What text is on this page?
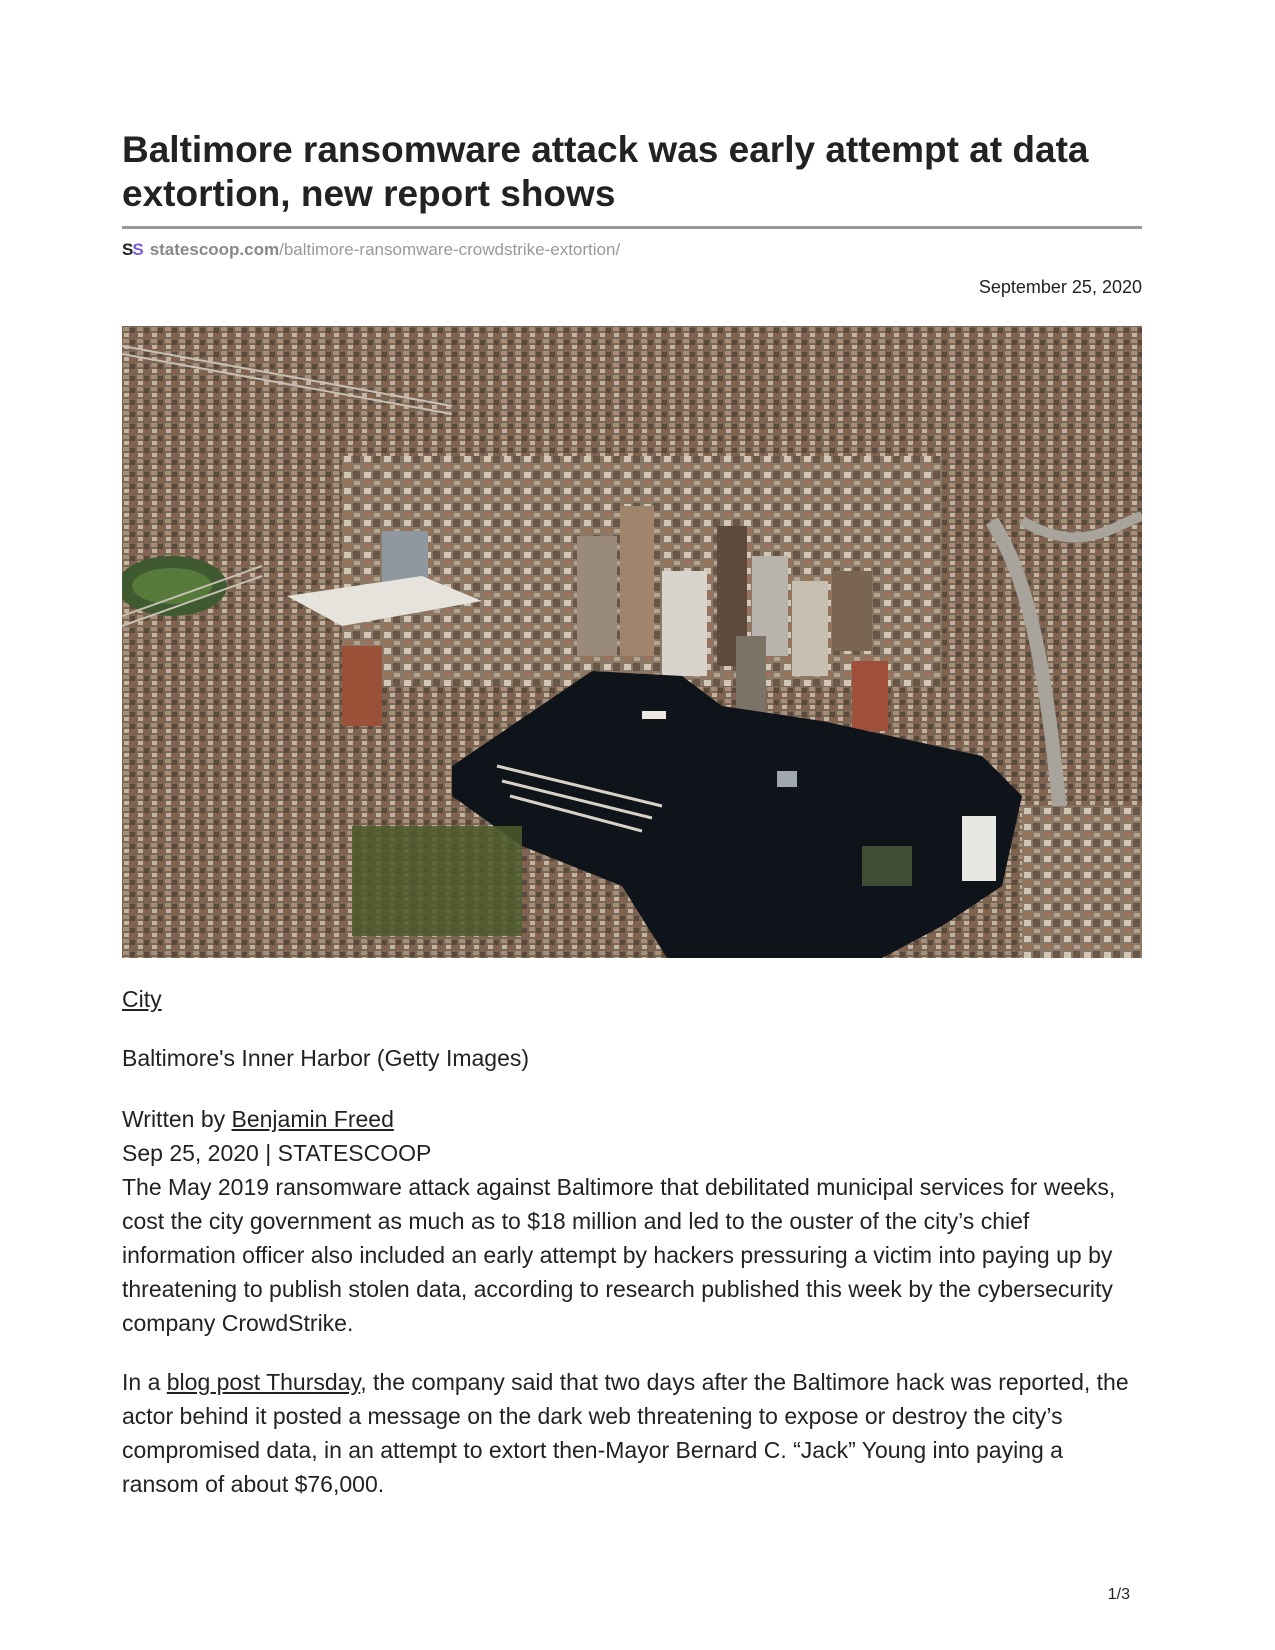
Baltimore ransomware attack was early attempt at data extortion, new report shows
SS statescoop.com/baltimore-ransomware-crowdstrike-extortion/
September 25, 2020
City
Baltimore's Inner Harbor (Getty Images)
Written by Benjamin Freed
Sep 25, 2020 | STATESCOOP

The May 2019 ransomware attack against Baltimore that debilitated municipal services for weeks, cost the city government as much as to $18 million and led to the ouster of the city’s chief information officer also included an early attempt by hackers pressuring a victim into paying up by threatening to publish stolen data, according to research published this week by the cybersecurity company CrowdStrike.

In a blog post Thursday, the company said that two days after the Baltimore hack was reported, the actor behind it posted a message on the dark web threatening to expose or destroy the city’s compromised data, in an attempt to extort then-Mayor Bernard C. “Jack” Young into paying a ransom of about $76,000.

1/3
